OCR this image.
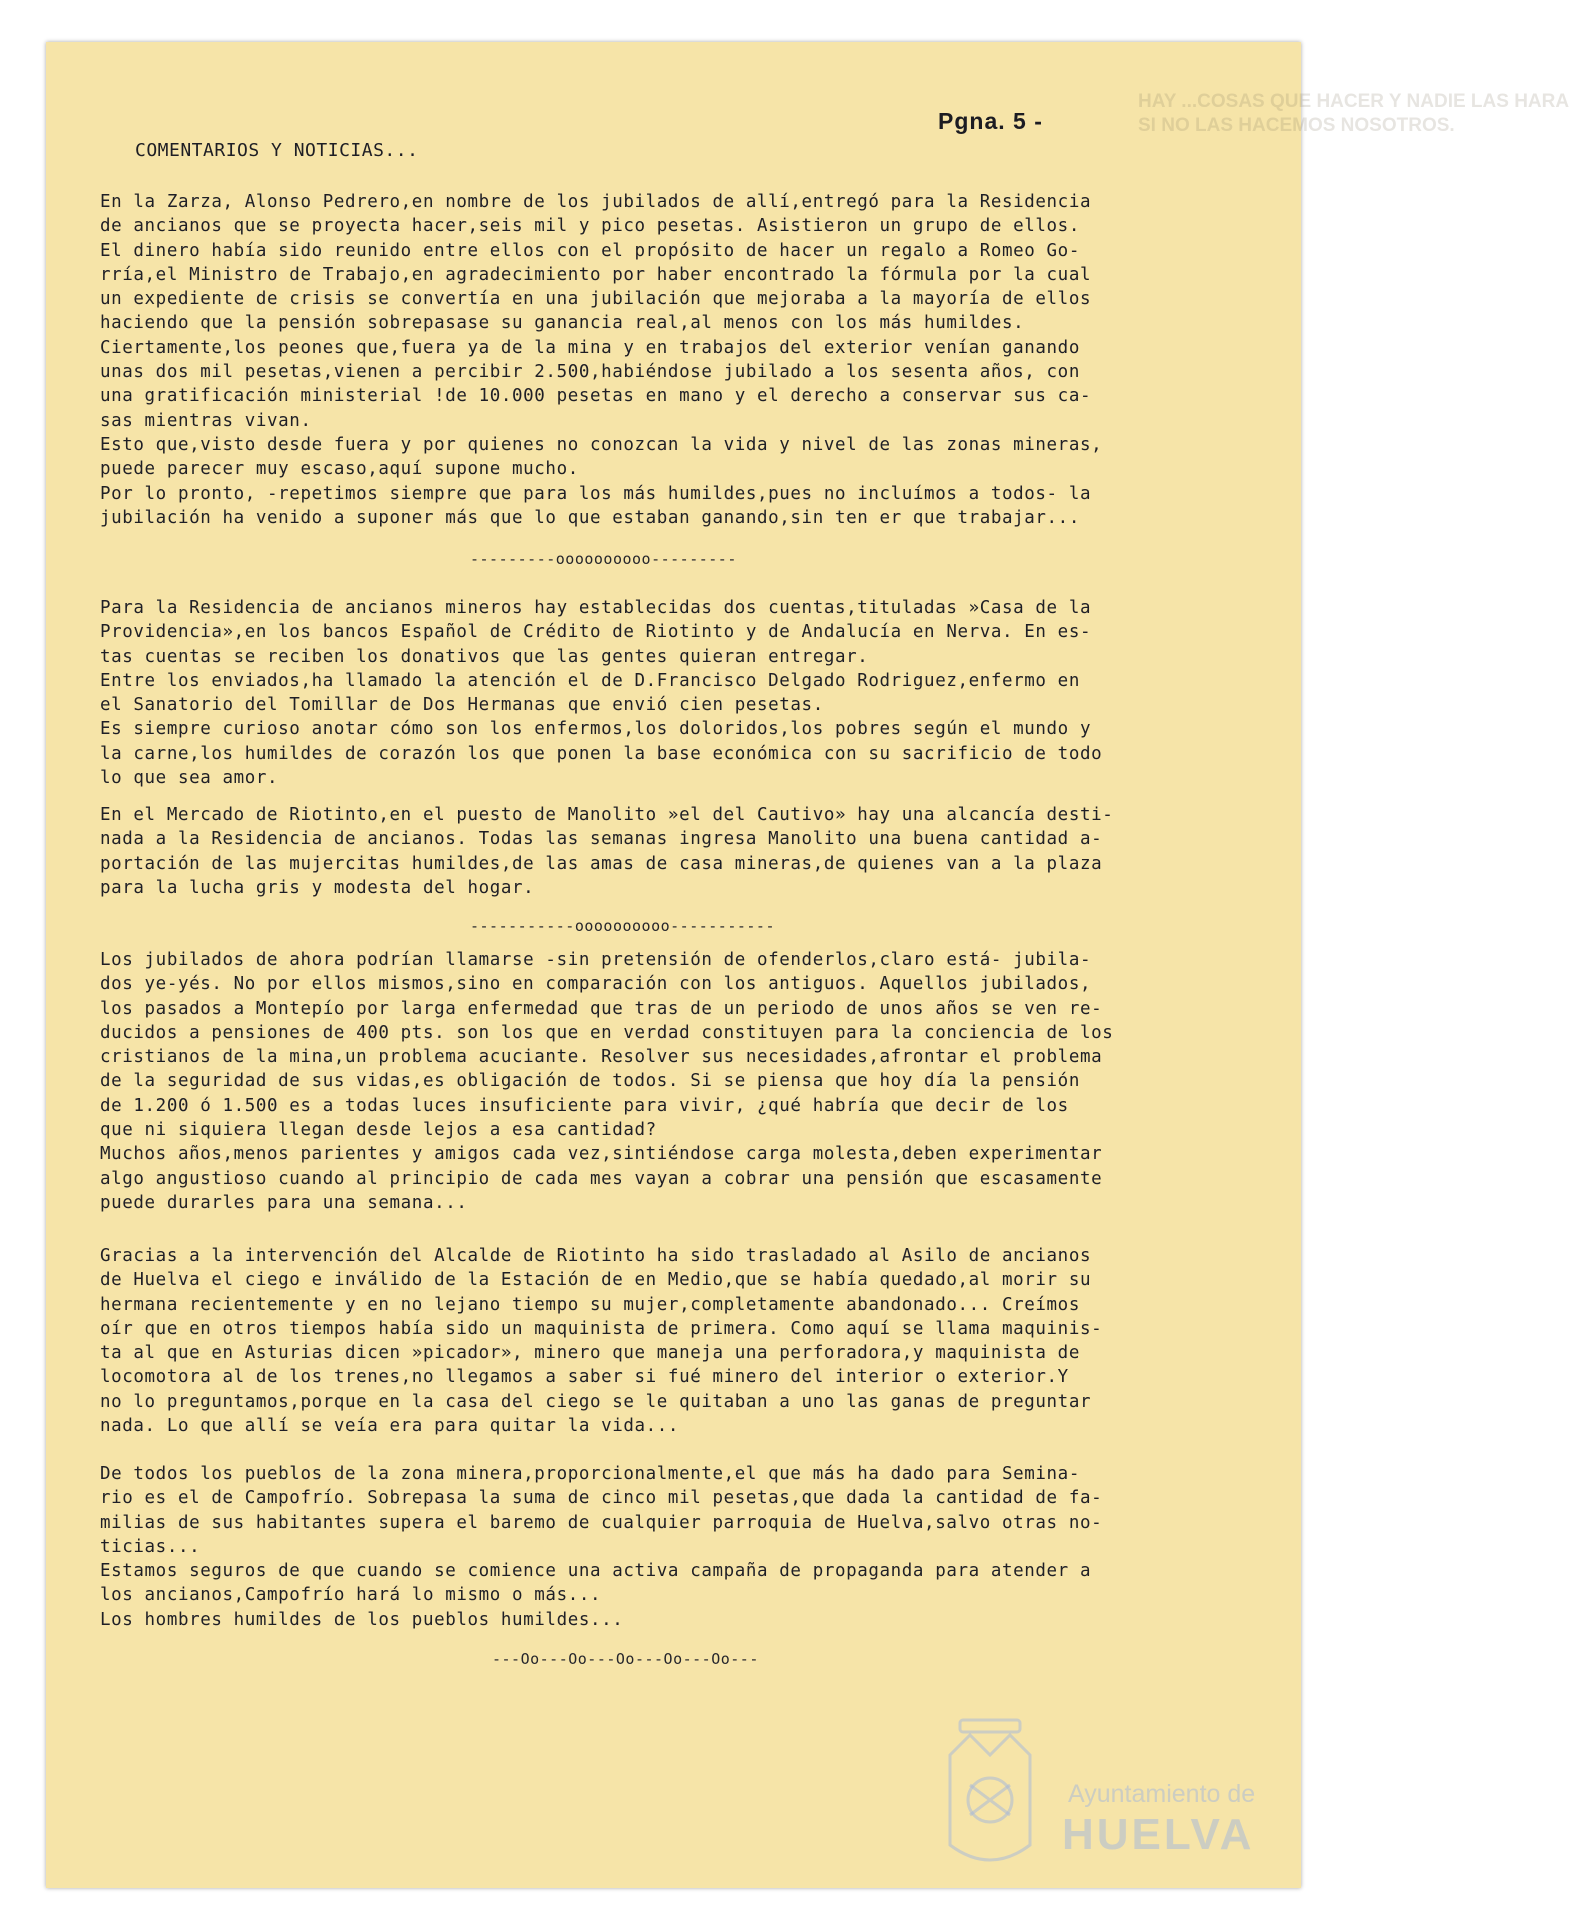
HAY ...COSAS QUE HACER Y NADIE LAS HARA
SI NO LAS HACEMOS NOSOTROS.
Pgna. 5 -
COMENTARIOS Y NOTICIAS...

En la Zarza, Alonso Pedrero,en nombre de los jubilados de allí,entregó para la Residencia
de ancianos que se proyecta hacer,seis mil y pico pesetas. Asistieron un grupo de ellos.
El dinero había sido reunido entre ellos con el propósito de hacer un regalo a Romeo Go-
rría,el Ministro de Trabajo,en agradecimiento por haber encontrado la fórmula por la cual
un expediente de crisis se convertía en una jubilación que mejoraba a la mayoría de ellos
haciendo que la pensión sobrepasase su ganancia real,al menos con los más humildes.
Ciertamente,los peones que,fuera ya de la mina y en trabajos del exterior venían ganando
unas dos mil pesetas,vienen a percibir 2.500,habiéndose jubilado a los sesenta años, con
una gratificación ministerial !de 10.000 pesetas en mano y el derecho a conservar sus ca-
sas mientras vivan.
Esto que,visto desde fuera y por quienes no conozcan la vida y nivel de las zonas mineras,
puede parecer muy escaso,aquí supone mucho.
Por lo pronto, -repetimos siempre que para los más humildes,pues no incluímos a todos- la
jubilación ha venido a suponer más que lo que estaban ganando,sin ten er que trabajar...

---------oooooooooo---------

Para la Residencia de ancianos mineros hay establecidas dos cuentas,tituladas »Casa de la
Providencia»,en los bancos Español de Crédito de Riotinto y de Andalucía en Nerva. En es-
tas cuentas se reciben los donativos que las gentes quieran entregar.
Entre los enviados,ha llamado la atención el de D.Francisco Delgado Rodriguez,enfermo en
el Sanatorio del Tomillar de Dos Hermanas que envió cien pesetas.
Es siempre curioso anotar cómo son los enfermos,los doloridos,los pobres según el mundo y
la carne,los humildes de corazón los que ponen la base económica con su sacrificio de todo
lo que sea amor.

En el Mercado de Riotinto,en el puesto de Manolito »el del Cautivo» hay una alcancía desti-
nada a la Residencia de ancianos. Todas las semanas ingresa Manolito una buena cantidad a-
portación de las mujercitas humildes,de las amas de casa mineras,de quienes van a la plaza
para la lucha gris y modesta del hogar.

-----------oooooooooo-----------

Los jubilados de ahora podrían llamarse -sin pretensión de ofenderlos,claro está- jubila-
dos ye-yés. No por ellos mismos,sino en comparación con los antiguos. Aquellos jubilados,
los pasados a Montepío por larga enfermedad que tras de un periodo de unos años se ven re-
ducidos a pensiones de 400 pts. son los que en verdad constituyen para la conciencia de los
cristianos de la mina,un problema acuciante. Resolver sus necesidades,afrontar el problema
de la seguridad de sus vidas,es obligación de todos. Si se piensa que hoy día la pensión
de 1.200 ó 1.500 es a todas luces insuficiente para vivir, ¿qué habría que decir de los
que ni siquiera llegan desde lejos a esa cantidad?
Muchos años,menos parientes y amigos cada vez,sintiéndose carga molesta,deben experimentar
algo angustioso cuando al principio de cada mes vayan a cobrar una pensión que escasamente
puede durarles para una semana...

Gracias a la intervención del Alcalde de Riotinto ha sido trasladado al Asilo de ancianos
de Huelva el ciego e inválido de la Estación de en Medio,que se había quedado,al morir su
hermana recientemente y en no lejano tiempo su mujer,completamente abandonado... Creímos
oír que en otros tiempos había sido un maquinista de primera. Como aquí se llama maquinis-
ta al que en Asturias dicen »picador», minero que maneja una perforadora,y maquinista de
locomotora al de los trenes,no llegamos a saber si fué minero del interior o exterior.Y
no lo preguntamos,porque en la casa del ciego se le quitaban a uno las ganas de preguntar
nada. Lo que allí se veía era para quitar la vida...

De todos los pueblos de la zona minera,proporcionalmente,el que más ha dado para Semina-
rio es el de Campofrío. Sobrepasa la suma de cinco mil pesetas,que dada la cantidad de fa-
milias de sus habitantes supera el baremo de cualquier parroquia de Huelva,salvo otras no-
ticias...
Estamos seguros de que cuando se comience una activa campaña de propaganda para atender a
los ancianos,Campofrío hará lo mismo o más...
Los hombres humildes de los pueblos humildes...

---Oo---Oo---Oo---Oo---Oo---
Ayuntamiento de
HUELVA
